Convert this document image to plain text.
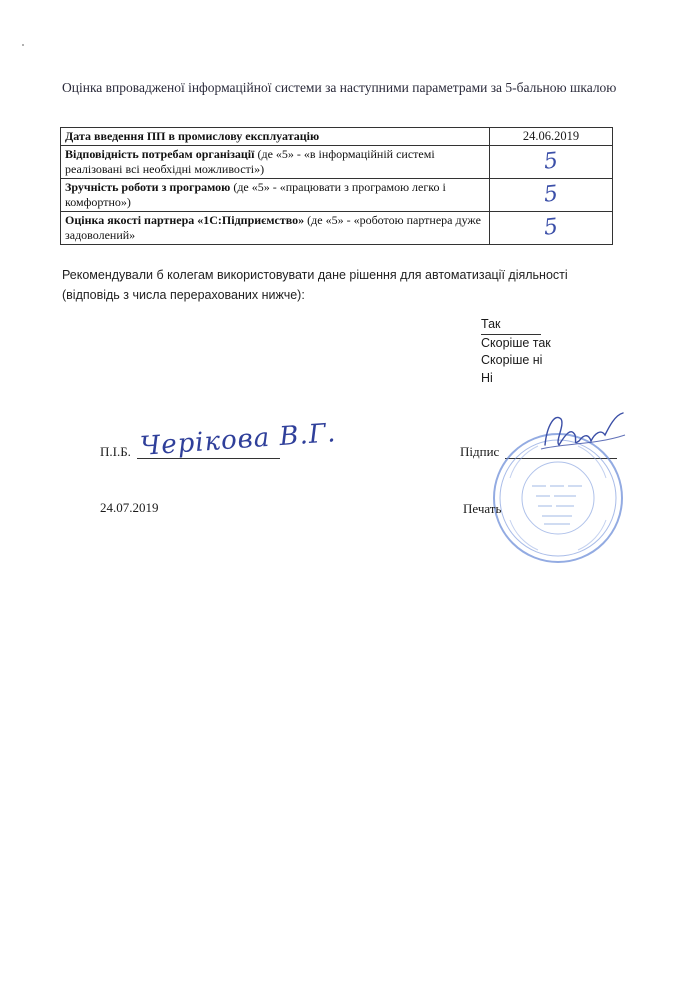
Оцінка впровадженої інформаційної системи за наступними параметрами за 5-бальною шкалою
Дата введення ПП в промислову експлуатацію	24.06.2019
Відповідність потребам організації (де «5» - «в інформаційній системі реалізовані всі необхідні можливості»)	5
Зручність роботи з програмою (де «5» - «працювати з програмою легко і комфортно»)	5
Оцінка якості партнера «1С:Підприємство» (де «5» - «роботою партнера дуже задоволений»	5
Рекомендували б колегам використовувати дане рішення для автоматизації діяльності (відповідь з числа перерахованих нижче):
Так
Скоріше так
Скоріше ні
Ні
П.І.Б. Черікова В.Г.	Підпис
24.07.2019	Печать
